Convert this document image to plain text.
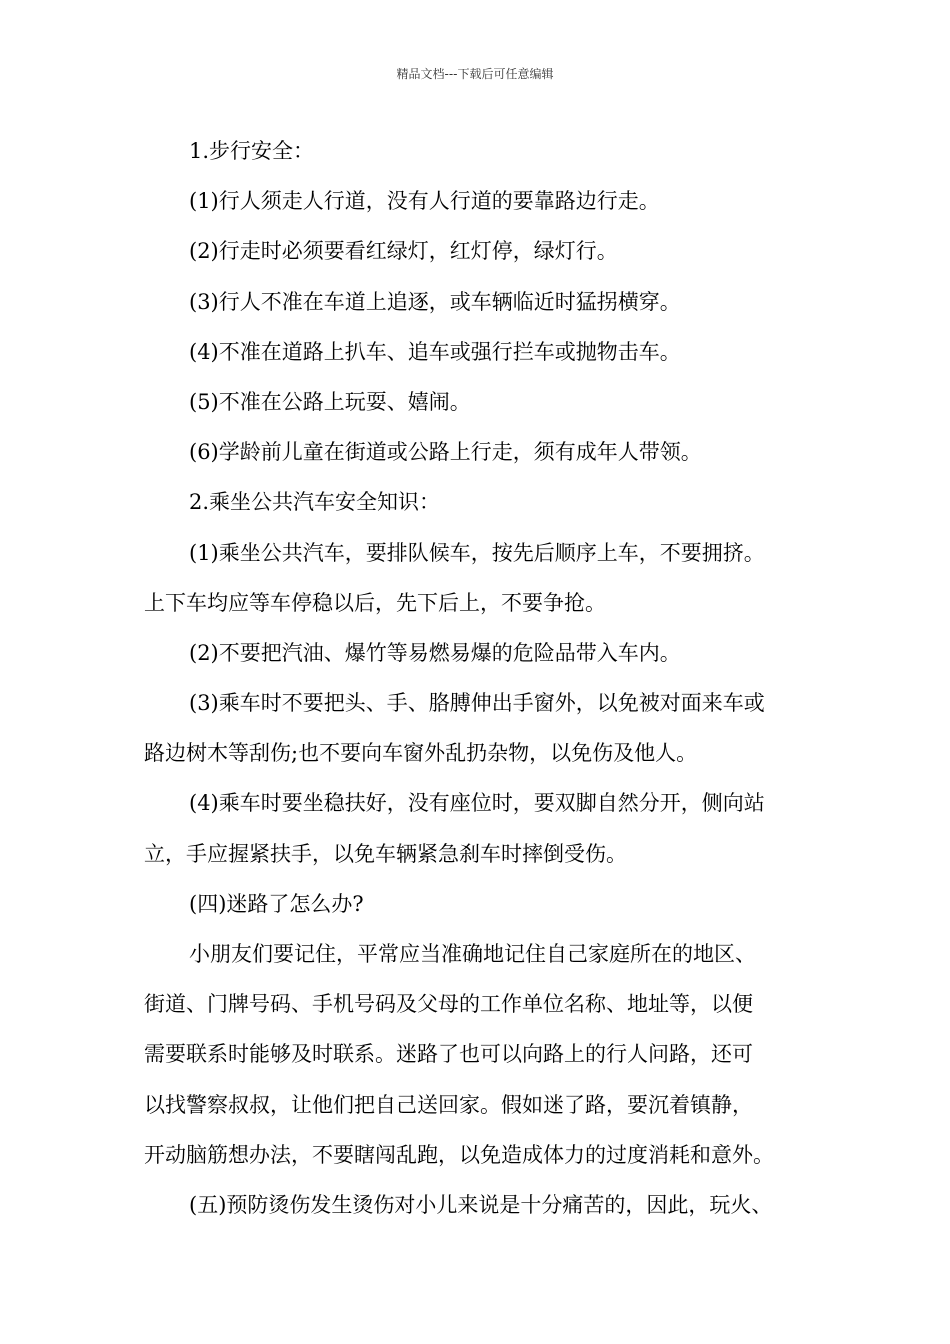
精品文档---下载后可任意编辑
1.步行安全：
(1)行人须走人行道，没有人行道的要靠路边行走。
(2)行走时必须要看红绿灯，红灯停，绿灯行。
(3)行人不准在车道上追逐，或车辆临近时猛拐横穿。
(4)不准在道路上扒车、追车或强行拦车或抛物击车。
(5)不准在公路上玩耍、嬉闹。
(6)学龄前儿童在街道或公路上行走，须有成年人带领。
2.乘坐公共汽车安全知识：
(1)乘坐公共汽车，要排队候车，按先后顺序上车，不要拥挤。
上下车均应等车停稳以后，先下后上，不要争抢。
(2)不要把汽油、爆竹等易燃易爆的危险品带入车内。
(3)乘车时不要把头、手、胳膊伸出手窗外，以免被对面来车或
路边树木等刮伤;也不要向车窗外乱扔杂物，以免伤及他人。
(4)乘车时要坐稳扶好，没有座位时，要双脚自然分开，侧向站
立，手应握紧扶手，以免车辆紧急刹车时摔倒受伤。
(四)迷路了怎么办?
小朋友们要记住，平常应当准确地记住自己家庭所在的地区、
街道、门牌号码、手机号码及父母的工作单位名称、地址等，以便
需要联系时能够及时联系。迷路了也可以向路上的行人问路，还可
以找警察叔叔，让他们把自己送回家。假如迷了路，要沉着镇静，
开动脑筋想办法，不要瞎闯乱跑，以免造成体力的过度消耗和意外。
(五)预防烫伤发生烫伤对小儿来说是十分痛苦的，因此，玩火、
